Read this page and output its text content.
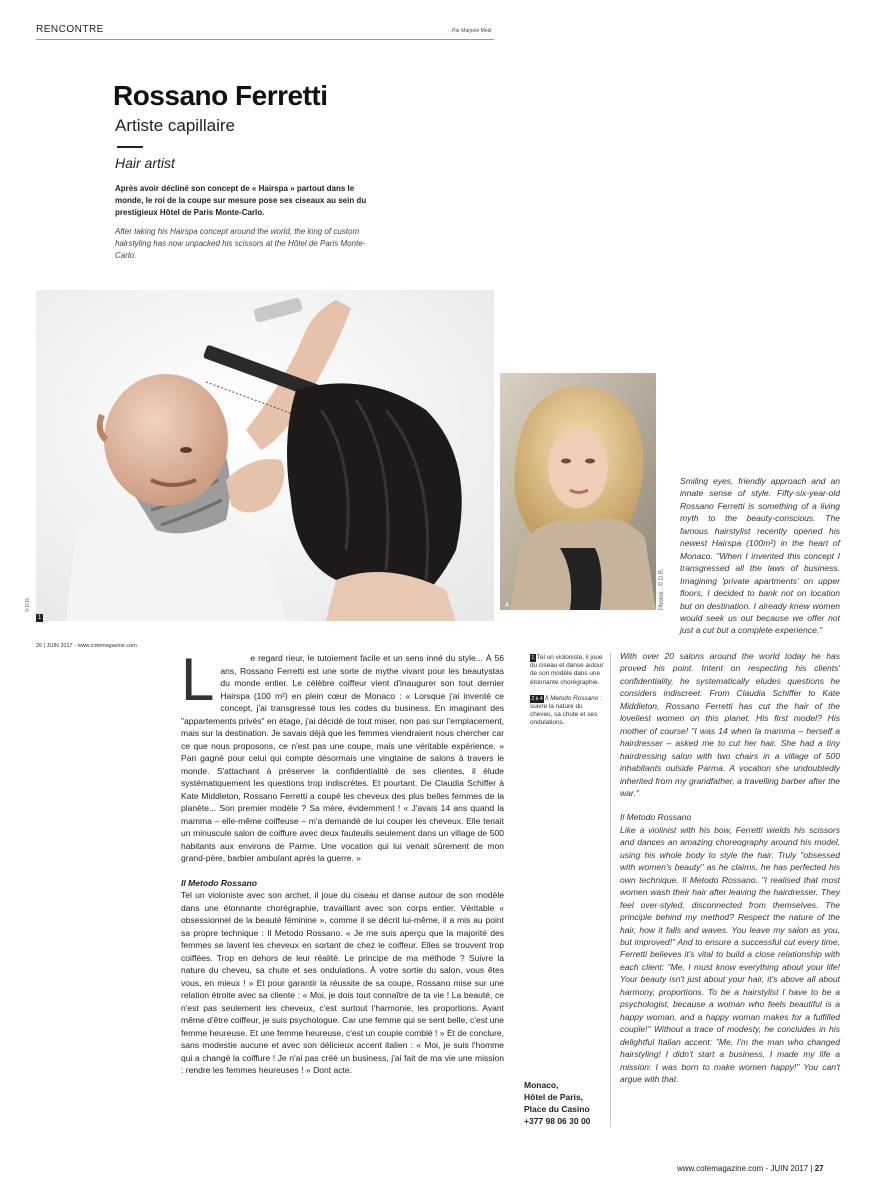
RENCONTRE	Par Marjorie Modi
Rossano Ferretti
Artiste capillaire
Hair artist

Après avoir décliné son concept de « Hairspa » partout dans le monde, le roi de la coupe sur mesure pose ses ciseaux au sein du prestigieux Hôtel de Paris Monte-Carlo.

After taking his Hairspa concept around the world, the king of custom hairstyling has now unpacked his scissors at the Hôtel de Paris Monte-Carlo.

1
© D.R.	4	Photos : © D.R.
26 | JUIN 2017 - www.cotemagazine.com
www.cotemagazine.com - JUIN 2017 | 27

L	e regard rieur, le tutoiement facile et un sens inné du style... À 56 ans, Rossano Ferretti est une sorte de mythe vivant pour les beautystas du monde entier. Le célèbre coiffeur vient d'inaugurer son tout dernier Hairspa (100 m²) en plein cœur de Monaco : « Lorsque j'ai inventé ce concept, j'ai transgressé tous les codes du business. En imaginant des "appartements privés" en étage, j'ai décidé de tout miser, non pas sur l'emplacement, mais sur la destination. Je savais déjà que les femmes viendraient nous chercher car ce que nous proposons, ce n'est pas une coupe, mais une véritable expérience. » Pari gagné pour celui qui compte désormais une vingtaine de salons à travers le monde. S'attachant à préserver la confidentialité de ses clientes, il élude systématiquement les questions trop indiscrètes. Et pourtant. De Claudia Schiffer à Kate Middleton, Rossano Ferretti a coupé les cheveux des plus belles femmes de la planète... Son premier modèle ? Sa mère, évidemment ! « J'avais 14 ans quand la mamma – elle-même coiffeuse – m'a demandé de lui couper les cheveux. Elle tenait un minuscule salon de coiffure avec deux fauteuils seulement dans un village de 500 habitants aux environs de Parme. Une vocation qui lui venait sûrement de mon grand-père, barbier ambulant après la guerre. »

Il Metodo Rossano

Tel un violoniste avec son archet, il joue du ciseau et danse autour de son modèle dans une étonnante chorégraphie, travaillant avec son corps entier. Véritable « obsessionnel de la beauté féminine », comme il se décrit lui-même, il a mis au point sa propre technique : Il Metodo Rossano. « Je me suis aperçu que la majorité des femmes se lavent les cheveux en sortant de chez le coiffeur. Elles se trouvent trop coiffées. Trop en dehors de leur réalité. Le principe de ma méthode ? Suivre la nature du cheveu, sa chute et ses ondulations. À votre sortie du salon, vous êtes vous, en mieux ! » Et pour garantir la réussite de sa coupe, Rossano mise sur une relation étroite avec sa cliente : « Moi, je dois tout connaître de ta vie ! La beauté, ce n'est pas seulement les cheveux, c'est surtout l'harmonie, les proportions. Avant même d'être coiffeur, je suis psychologue. Car une femme qui se sent belle, c'est une femme heureuse. Et une femme heureuse, c'est un couple comblé ! » Et de conclure, sans modestie aucune et avec son délicieux accent italien : « Moi, je suis l'homme qui a changé la coiffure ! Je n'ai pas créé un business, j'ai fait de ma vie une mission : rendre les femmes heureuses ! » Dont acte.

1 Tel un violoniste, il joue du ciseau et danse autour de son modèle dans une étonnante chorégraphie.
2 à 4 Il Metodo Rossano : suivre la nature du cheveu, sa chute et ses ondulations.
Monaco,
Hôtel de Paris,
Place du Casino
+377 98 06 30 00

Smiling eyes, friendly approach and an innate sense of style. Fifty-six-year-old Rossano Ferretti is something of a living myth to the beauty-conscious. The famous hairstylist recently opened his newest Hairspa (100m²) in the heart of Monaco. "When I invented this concept I transgressed all the laws of business. Imagining 'private apartments' on upper floors, I decided to bank not on location but on destination. I already knew women would seek us out because we offer not just a cut but a complete experience."

With over 20 salons around the world today he has proved his point. Intent on respecting his clients' confidentiality, he systematically eludes questions he considers indiscreet. From Claudia Schiffer to Kate Middleton, Rossano Ferretti has cut the hair of the loveliest women on this planet. His first model? His mother of course! "I was 14 when la mamma – herself a hairdresser – asked me to cut her hair. She had a tiny hairdressing salon with two chairs in a village of 500 inhabitants outside Parma. A vocation she undoubtedly inherited from my grandfather, a travelling barber after the war."

Il Metodo Rossano

Like a violinist with his bow, Ferretti wields his scissors and dances an amazing choreography around his model, using his whole body to style the hair. Truly "obsessed with women's beauty" as he claims, he has perfected his own technique, Il Metodo Rossano. "I realised that most women wash their hair after leaving the hairdresser. They feel over-styled, disconnected from themselves. The principle behind my method? Respect the nature of the hair, how it falls and waves. You leave my salon as you, but improved!" And to ensure a successful cut every time, Ferretti believes it's vital to build a close relationship with each client: "Me, I must know everything about your life! Your beauty isn't just about your hair, it's above all about harmony, proportions. To be a hairstylist I have to be a psychologist, because a woman who feels beautiful is a happy woman, and a happy woman makes for a fulfilled couple!" Without a trace of modesty, he concludes in his delightful Italian accent: "Me, I'm the man who changed hairstyling! I didn't start a business, I made my life a mission: I was born to make women happy!" You can't argue with that.
